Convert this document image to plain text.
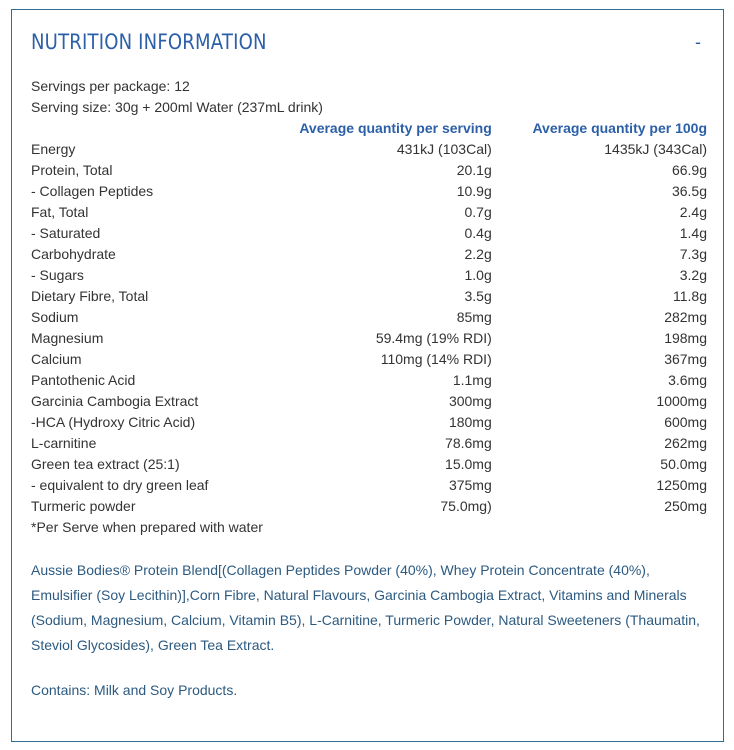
NUTRITION INFORMATION	-
Servings per package: 12
Serving size: 30g + 200ml Water (237mL drink)
	Average quantity per serving	Average quantity per 100g
Energy	431kJ (103Cal)	1435kJ (343Cal)
Protein, Total	20.1g	66.9g
- Collagen Peptides	10.9g	36.5g
Fat, Total	0.7g	2.4g
- Saturated	0.4g	1.4g
Carbohydrate	2.2g	7.3g
- Sugars	1.0g	3.2g
Dietary Fibre, Total	3.5g	11.8g
Sodium	85mg	282mg
Magnesium	59.4mg (19% RDI)	198mg
Calcium	110mg (14% RDI)	367mg
Pantothenic Acid	1.1mg	3.6mg
Garcinia Cambogia Extract	300mg	1000mg
-HCA (Hydroxy Citric Acid)	180mg	600mg
L-carnitine	78.6mg	262mg
Green tea extract (25:1)	15.0mg	50.0mg
- equivalent to dry green leaf	375mg	1250mg
Turmeric powder	75.0mg)	250mg
*Per Serve when prepared with water

Aussie Bodies® Protein Blend[(Collagen Peptides Powder (40%), Whey Protein Concentrate (40%), Emulsifier (Soy Lecithin)],Corn Fibre, Natural Flavours, Garcinia Cambogia Extract, Vitamins and Minerals (Sodium, Magnesium, Calcium, Vitamin B5), L-Carnitine, Turmeric Powder, Natural Sweeteners (Thaumatin, Steviol Glycosides), Green Tea Extract.

Contains: Milk and Soy Products.
